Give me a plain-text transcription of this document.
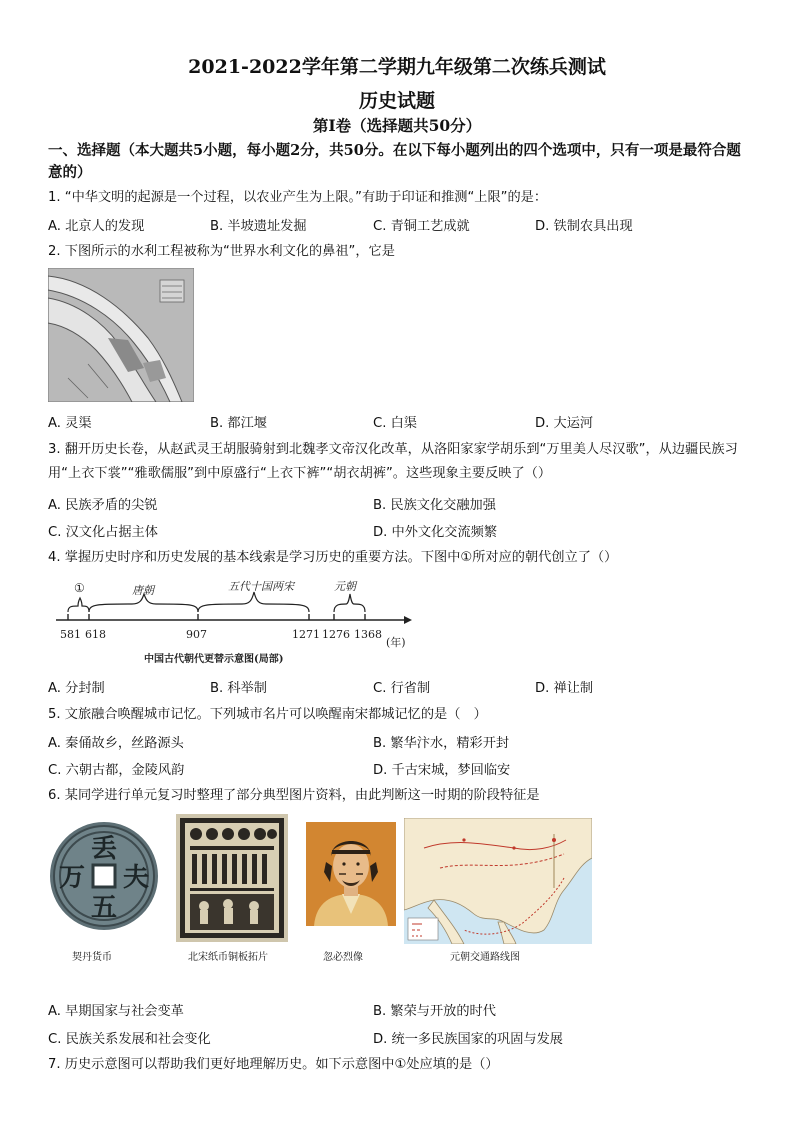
2021-2022学年第二学期九年级第二次练兵测试
历史试题
第Ⅰ卷（选择题共50分）
一、选择题（本大题共5小题，每小题2分，共50分。在以下每小题列出的四个选项中，只有一项是最符合题意的）
1. “中华文明的起源是一个过程，以农业产生为上限。”有助于印证和推测“上限”的是：
A. 北京人的发现	B. 半坡遗址发掘	C. 青铜工艺成就	D. 铁制农具出现
2. 下图所示的水利工程被称为“世界水利文化的鼻祖”，它是
A. 灵渠	B. 都江堰	C. 白渠	D. 大运河
3. 翻开历史长卷，从赵武灵王胡服骑射到北魏孝文帝汉化改革，从洛阳家家学胡乐到“万里美人尽汉歌”，从边疆民族习用“上衣下裳”“雅歌儒服”到中原盛行“上衣下裤”“胡衣胡裤”。这些现象主要反映了（）
A. 民族矛盾的尖锐	B. 民族文化交融加强
C. 汉文化占据主体	D. 中外文化交流频繁
4. 掌握历史时序和历史发展的基本线索是学习历史的重要方法。下图中①所对应的朝代创立了（）
①	唐朝	五代十国两宋	元朝
581 618	907	1271 1276 1368
(年)
中国古代朝代更替示意图(局部)
A. 分封制	B. 科举制	C. 行省制	D. 禅让制
5. 文旅融合唤醒城市记忆。下列城市名片可以唤醒南宋都城记忆的是（　）
A. 秦俑故乡，丝路源头	B. 繁华汴水，精彩开封
C. 六朝古都，金陵风韵	D. 千古宋城，梦回临安
6. 某同学进行单元复习时整理了部分典型图片资料，由此判断这一时期的阶段特征是
丢
夫
万
五
契丹货币	北宋纸币铜板拓片	忽必烈像	元朝交通路线图
A. 早期国家与社会变革	B. 繁荣与开放的时代
C. 民族关系发展和社会变化	D. 统一多民族国家的巩固与发展
7. 历史示意图可以帮助我们更好地理解历史。如下示意图中①处应填的是（）
